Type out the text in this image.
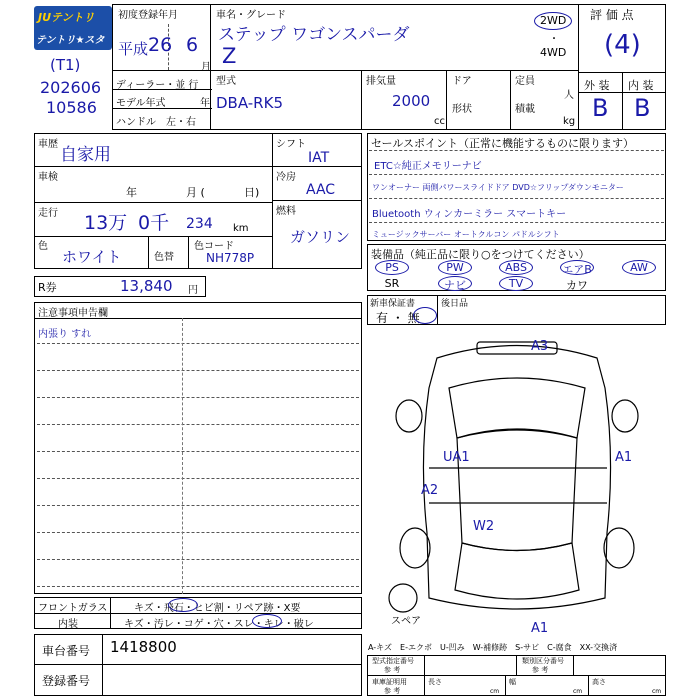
JUテントリ
テントリ★スター
(T1)
202606
10586
初度登録年月
平成 26 6
月
車名・グレード
ステップ ワゴンスパーダ
Z
2WD
・
4WD
評 価 点
(4)
ディーラー・並 行
モデル年式	年
ハンドル　左・右
型式
DBA-RK5
排気量
2000
cc
ドア
形状
定員
人
積載
kg
外 装 内 装
B B
車歴
自家用
車検
年	月 (	日)
走行 13万 0千 234 km
色
ホワイト	色替
色コード
NH778P
シフト
IAT
冷房
AAC
燃料
ガソリン
R券	13,840 円
注意事項申告欄
内張り すれ
セールスポイント（正常に機能するものに限ります）
ETC☆純正メモリーナビ
ワンオーナー 両側パワースライドドア DVD☆フリップダウンモニター
Bluetooth ウィンカーミラー スマートキー
ミュージックサーバー オートクルコン パドルシフト
装備品（純正品に限り○をつけてください）
PS	PW	ABS	エアB	AW
SR	ナビ	TV	カワ
新車保証書
有 ・ 無
後日品
A3
UA1	A1
A2
W2
A1
スペア
フロントガラス	キズ・飛石・ヒビ割・リペア跡・X要
内装	キズ・汚レ・コゲ・穴・スレ・キレ・破レ
車台番号 1418800
登録番号
A-キズ　E-エクボ　U-凹み　W-補修跡　S-サビ　C-腐食　XX-交換済
型式指定番号
参 考
類別区分番号
参 考
車庫証明用
参 考
長さ
cm
幅
cm
高さ
cm
